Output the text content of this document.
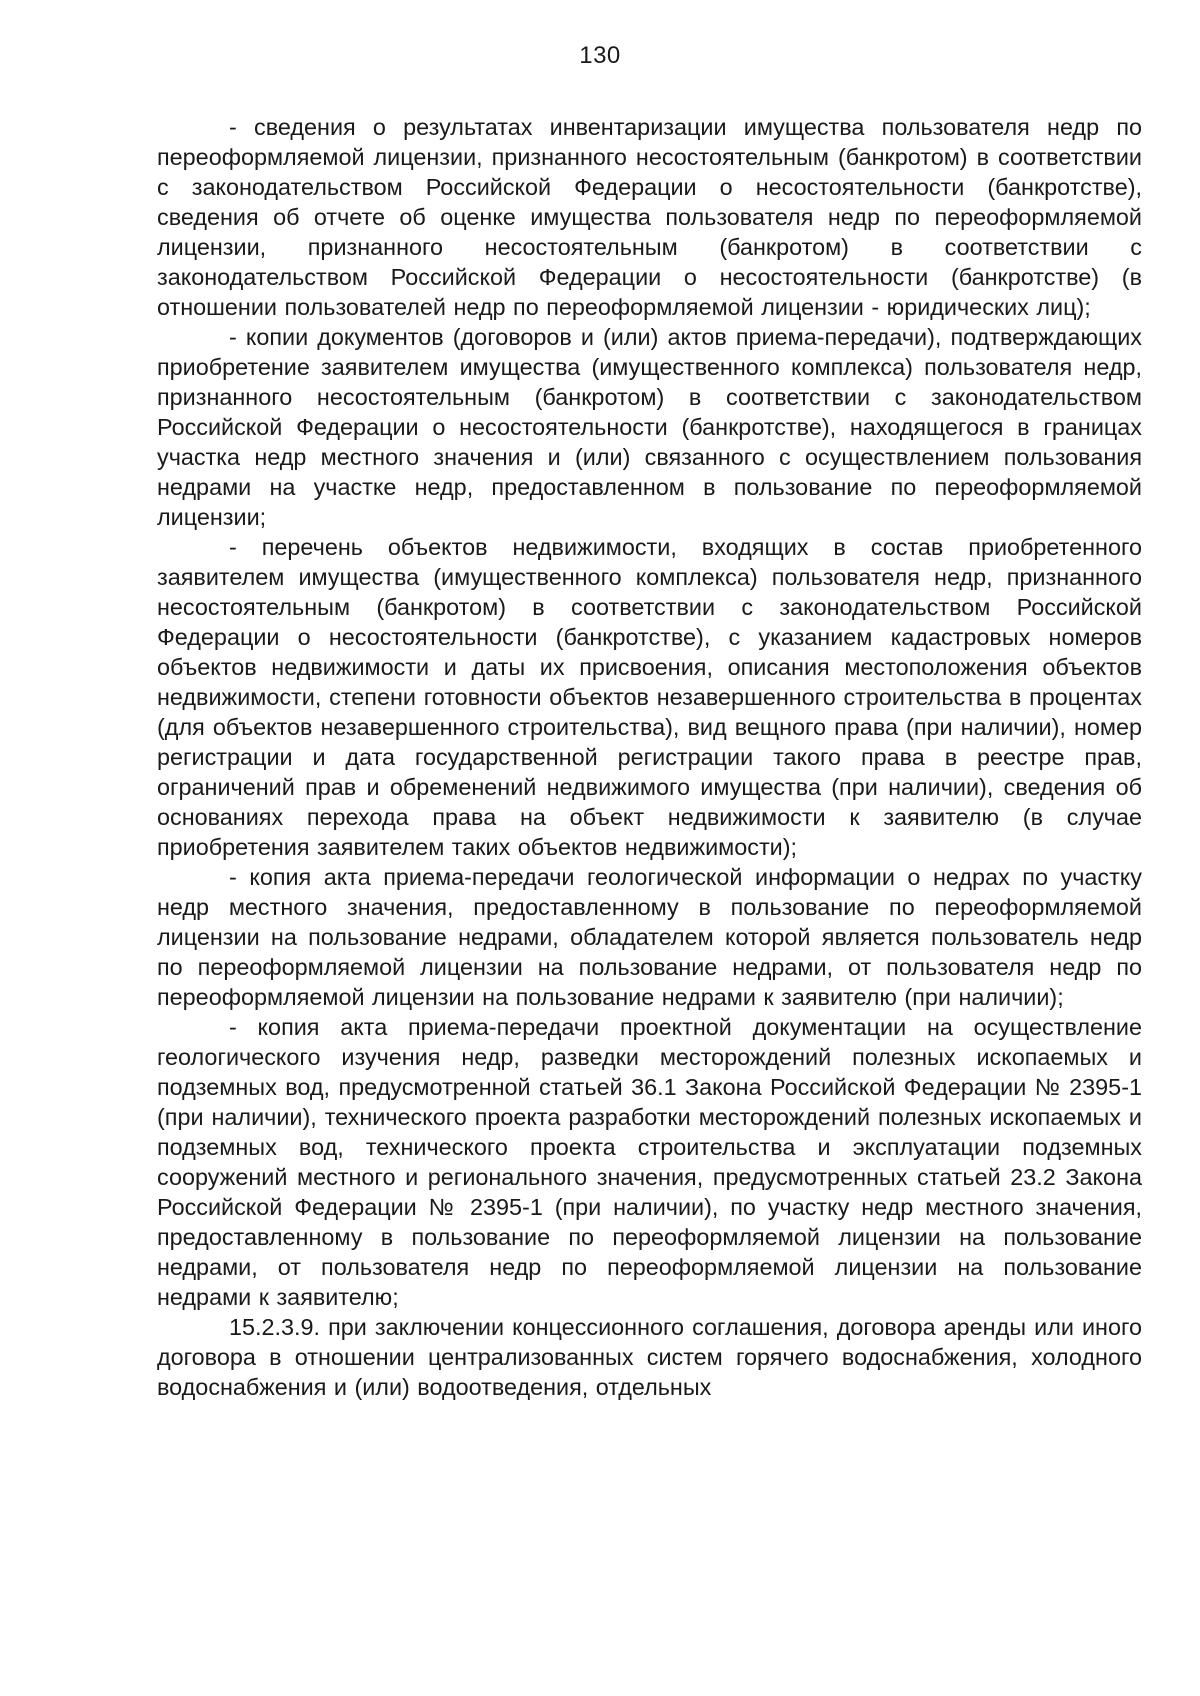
130

- сведения о результатах инвентаризации имущества пользователя недр по переоформляемой лицензии, признанного несостоятельным (банкротом) в соответствии с законодательством Российской Федерации о несостоятельности (банкротстве), сведения об отчете об оценке имущества пользователя недр по переоформляемой лицензии, признанного несостоятельным (банкротом) в соответствии с законодательством Российской Федерации о несостоятельности (банкротстве) (в отношении пользователей недр по переоформляемой лицензии - юридических лиц);

- копии документов (договоров и (или) актов приема-передачи), подтверждающих приобретение заявителем имущества (имущественного комплекса) пользователя недр, признанного несостоятельным (банкротом) в соответствии с законодательством Российской Федерации о несостоятельности (банкротстве), находящегося в границах участка недр местного значения и (или) связанного с осуществлением пользования недрами на участке недр, предоставленном в пользование по переоформляемой лицензии;

- перечень объектов недвижимости, входящих в состав приобретенного заявителем имущества (имущественного комплекса) пользователя недр, признанного несостоятельным (банкротом) в соответствии с законодательством Российской Федерации о несостоятельности (банкротстве), с указанием кадастровых номеров объектов недвижимости и даты их присвоения, описания местоположения объектов недвижимости, степени готовности объектов незавершенного строительства в процентах (для объектов незавершенного строительства), вид вещного права (при наличии), номер регистрации и дата государственной регистрации такого права в реестре прав, ограничений прав и обременений недвижимого имущества (при наличии), сведения об основаниях перехода права на объект недвижимости к заявителю (в случае приобретения заявителем таких объектов недвижимости);

- копия акта приема-передачи геологической информации о недрах по участку недр местного значения, предоставленному в пользование по переоформляемой лицензии на пользование недрами, обладателем которой является пользователь недр по переоформляемой лицензии на пользование недрами, от пользователя недр по переоформляемой лицензии на пользование недрами к заявителю (при наличии);

- копия акта приема-передачи проектной документации на осуществление геологического изучения недр, разведки месторождений полезных ископаемых и подземных вод, предусмотренной статьей 36.1 Закона Российской Федерации № 2395-1 (при наличии), технического проекта разработки месторождений полезных ископаемых и подземных вод, технического проекта строительства и эксплуатации подземных сооружений местного и регионального значения, предусмотренных статьей 23.2 Закона Российской Федерации № 2395-1 (при наличии), по участку недр местного значения, предоставленному в пользование по переоформляемой лицензии на пользование недрами, от пользователя недр по переоформляемой лицензии на пользование недрами к заявителю;

15.2.3.9. при заключении концессионного соглашения, договора аренды или иного договора в отношении централизованных систем горячего водоснабжения, холодного водоснабжения и (или) водоотведения, отдельных
